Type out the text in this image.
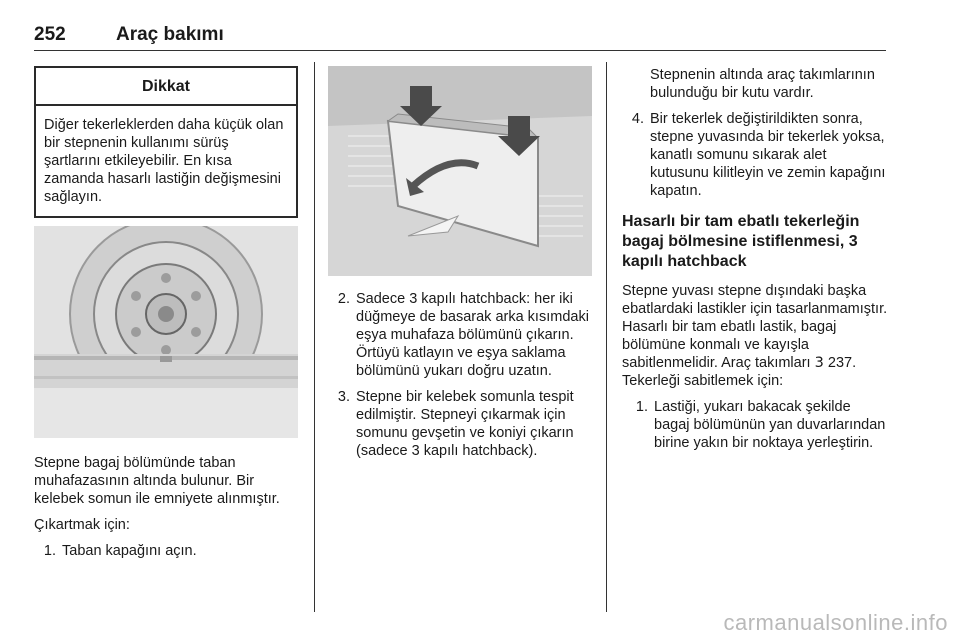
252	Araç bakımı
Dikkat
Diğer tekerleklerden daha küçük olan bir stepnenin kullanımı sürüş şartlarını etkileyebilir. En kısa zamanda hasarlı lastiğin değişmesini sağlayın.

Stepne bagaj bölümünde taban muhafazasının altında bulunur. Bir kelebek somun ile emniyete alınmıştır.

Çıkartmak için:

1. Taban kapağını açın.
2. Sadece 3 kapılı hatchback: her iki düğmeye de basarak arka kısımdaki eşya muhafaza bölümünü çıkarın. Örtüyü katlayın ve eşya saklama bölümünü yukarı doğru uzatın.
3. Stepne bir kelebek somunla tespit edilmiştir. Stepneyi çıkarmak için somunu gevşetin ve koniyi çıkarın (sadece 3 kapılı hatchback).
Stepnenin altında araç takımlarının bulunduğu bir kutu vardır.
4. Bir tekerlek değiştirildikten sonra, stepne yuvasında bir tekerlek yoksa, kanatlı somunu sıkarak alet kutusunu kilitleyin ve zemin kapağını kapatın.
Hasarlı bir tam ebatlı tekerleğin bagaj bölmesine istiflenmesi, 3 kapılı hatchback

Stepne yuvası stepne dışındaki başka ebatlardaki lastikler için tasarlanmamıştır. Hasarlı bir tam ebatlı lastik, bagaj bölümüne konmalı ve kayışla sabitlenmelidir. Araç takımları 3 237. Tekerleği sabitlemek için:

1. Lastiği, yukarı bakacak şekilde bagaj bölümünün yan duvarlarından birine yakın bir noktaya yerleştirin.
carmanualsonline.info
